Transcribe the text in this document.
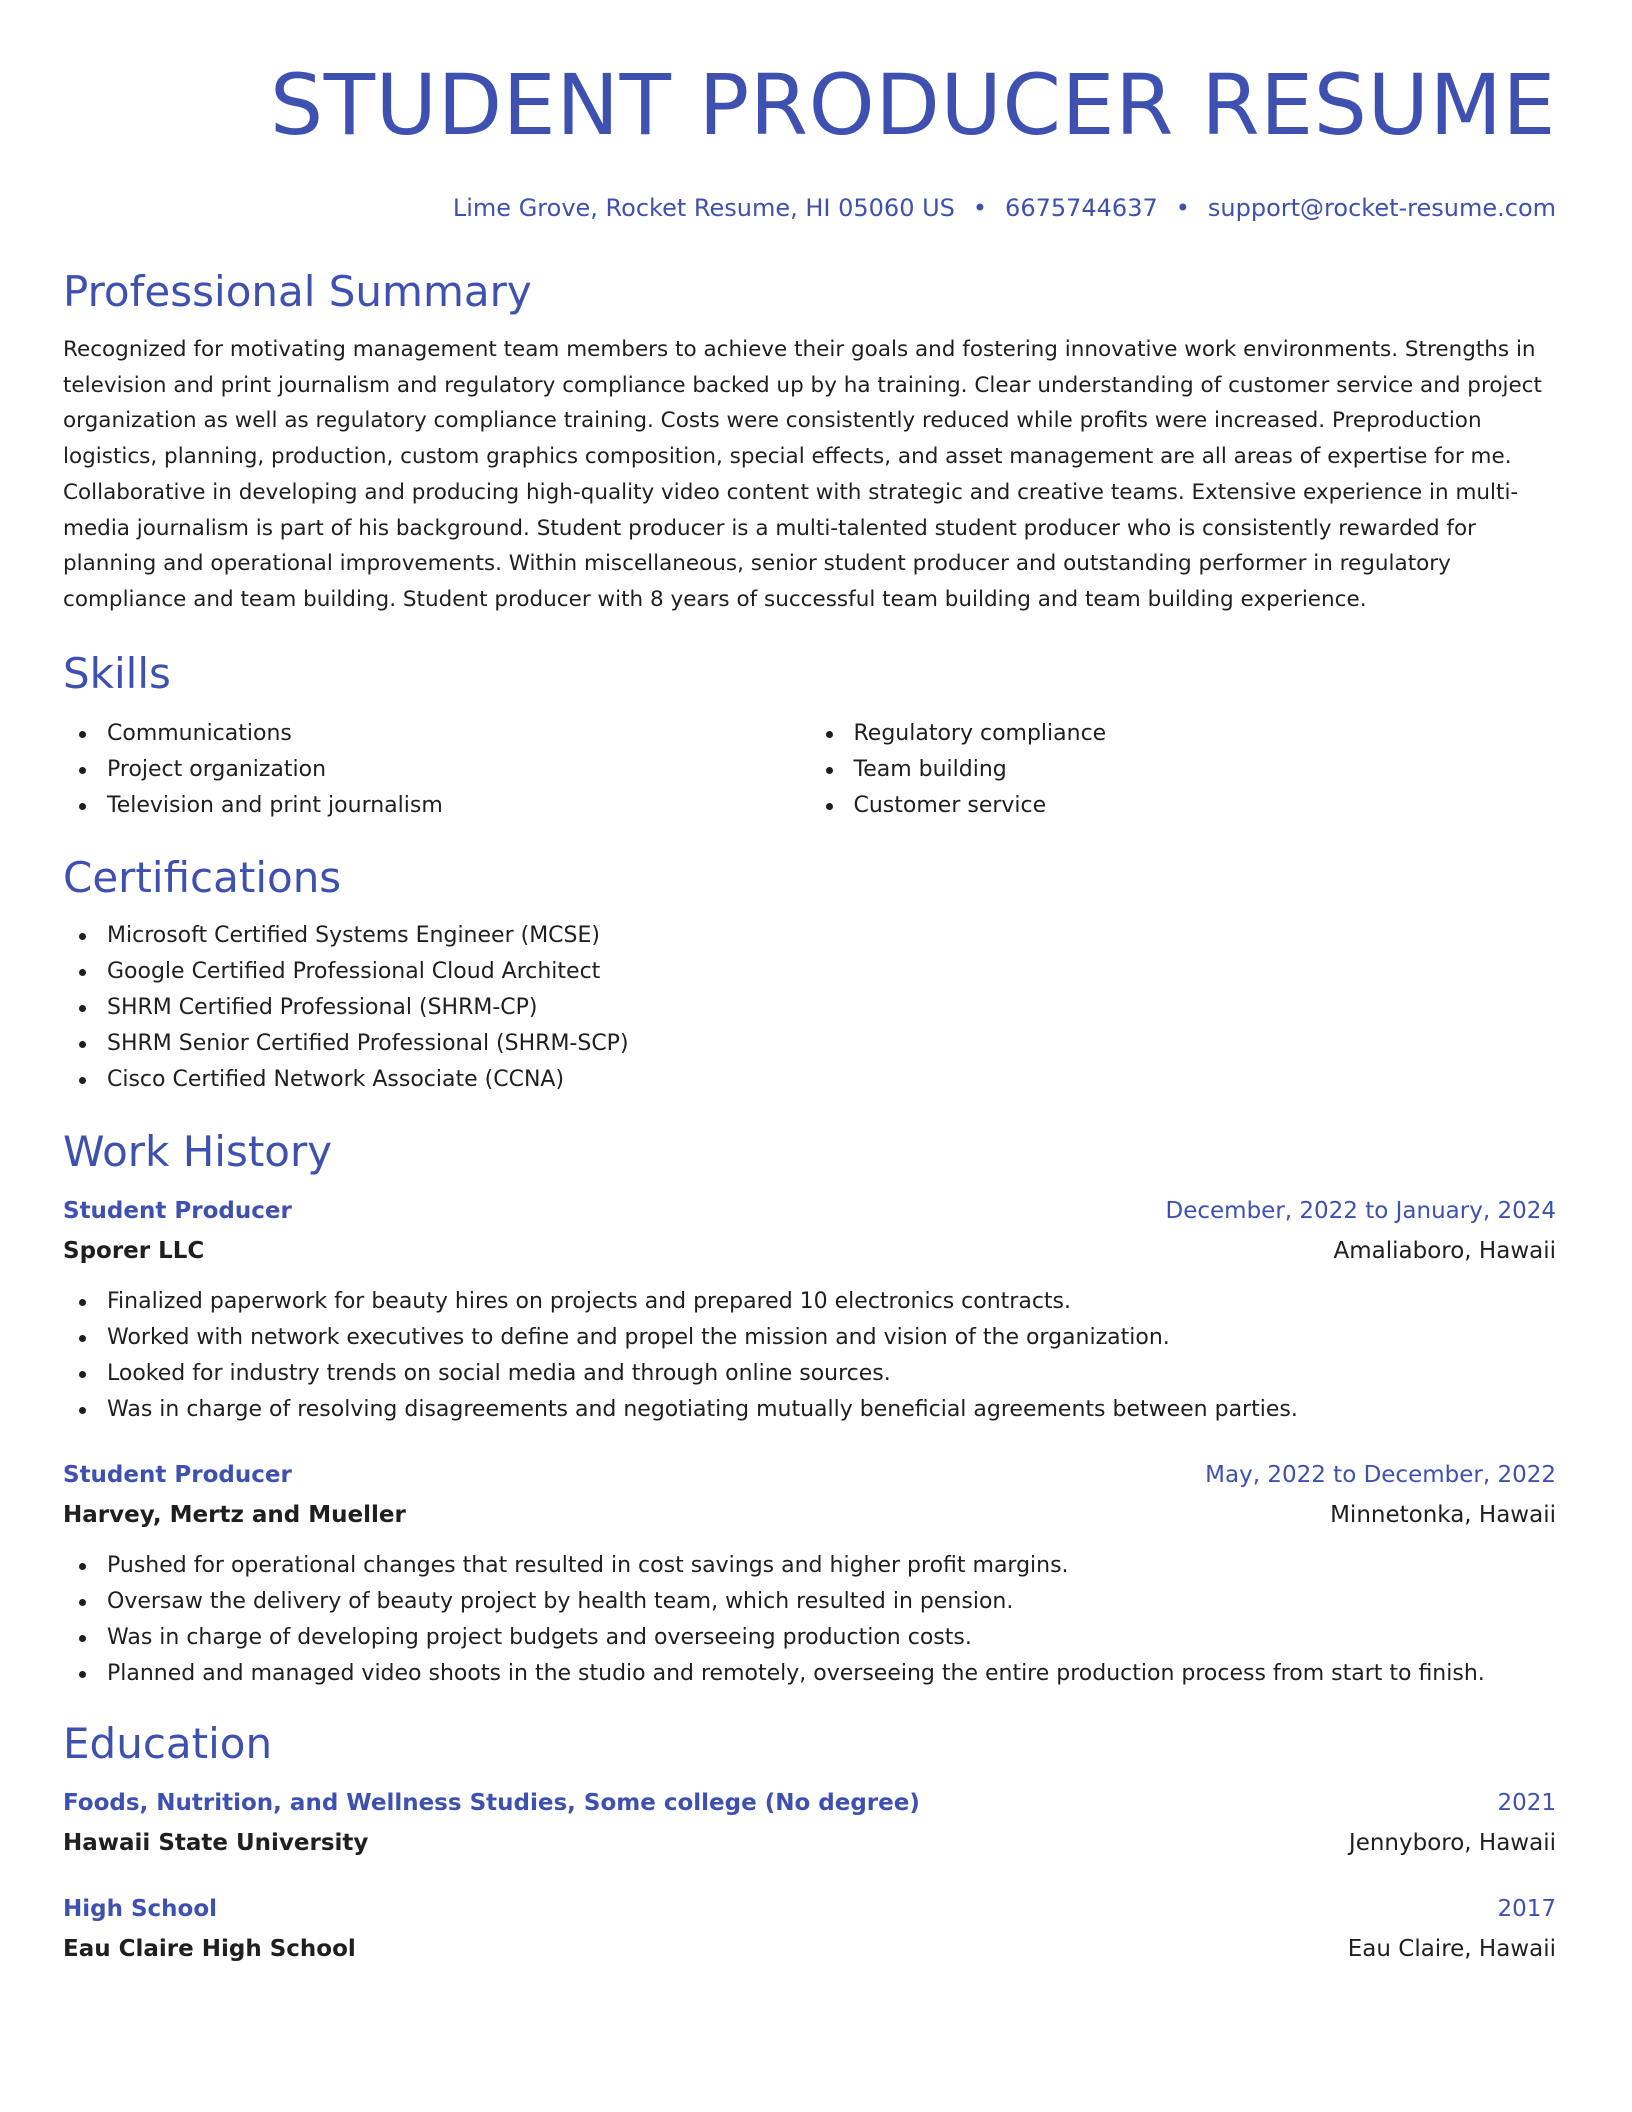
STUDENT PRODUCER RESUME
Lime Grove, Rocket Resume, HI 05060 US • 6675744637 • support@rocket-resume.com
Professional Summary

Recognized for motivating management team members to achieve their goals and fostering innovative work environments. Strengths in television and print journalism and regulatory compliance backed up by ha training. Clear understanding of customer service and project organization as well as regulatory compliance training. Costs were consistently reduced while profits were increased. Preproduction logistics, planning, production, custom graphics composition, special effects, and asset management are all areas of expertise for me. Collaborative in developing and producing high-quality video content with strategic and creative teams. Extensive experience in multi-media journalism is part of his background. Student producer is a multi-talented student producer who is consistently rewarded for planning and operational improvements. Within miscellaneous, senior student producer and outstanding performer in regulatory compliance and team building. Student producer with 8 years of successful team building and team building experience.

Skills
Communications
Project organization
Television and print journalism
Regulatory compliance
Team building
Customer service
Certifications
Microsoft Certified Systems Engineer (MCSE)
Google Certified Professional Cloud Architect
SHRM Certified Professional (SHRM-CP)
SHRM Senior Certified Professional (SHRM-SCP)
Cisco Certified Network Associate (CCNA)
Work History
Student Producer	December, 2022 to January, 2024
Sporer LLC	Amaliaboro, Hawaii
Finalized paperwork for beauty hires on projects and prepared 10 electronics contracts.
Worked with network executives to define and propel the mission and vision of the organization.
Looked for industry trends on social media and through online sources.
Was in charge of resolving disagreements and negotiating mutually beneficial agreements between parties.
Student Producer	May, 2022 to December, 2022
Harvey, Mertz and Mueller	Minnetonka, Hawaii
Pushed for operational changes that resulted in cost savings and higher profit margins.
Oversaw the delivery of beauty project by health team, which resulted in pension.
Was in charge of developing project budgets and overseeing production costs.
Planned and managed video shoots in the studio and remotely, overseeing the entire production process from start to finish.
Education
Foods, Nutrition, and Wellness Studies, Some college (No degree)	2021
Hawaii State University	Jennyboro, Hawaii
High School	2017
Eau Claire High School	Eau Claire, Hawaii
